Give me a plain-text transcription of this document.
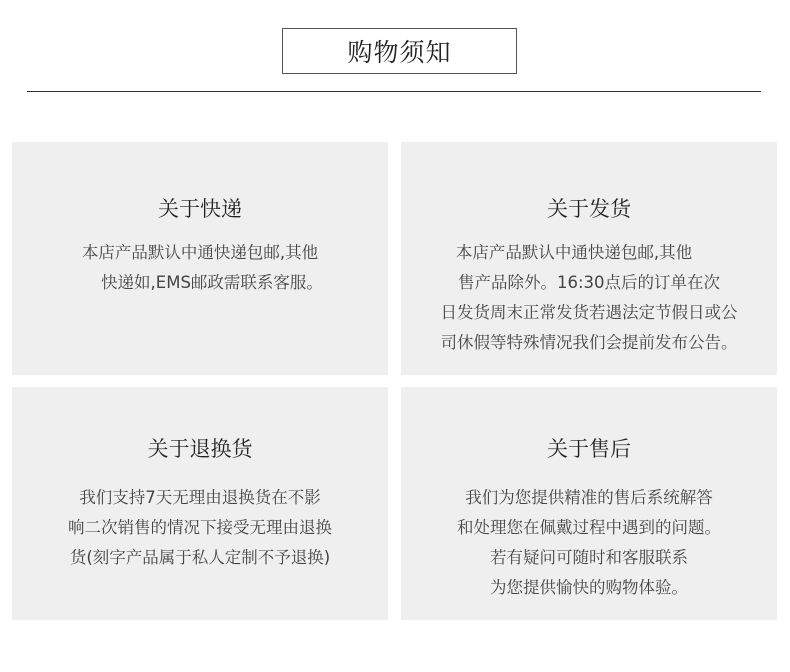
购物须知
关于快递
本店产品默认中通快递包邮,其他
快递如,EMS邮政需联系客服。
关于发货
本店产品默认中通快递包邮,其他
售产品除外。16:30点后的订单在次
日发货周末正常发货若遇法定节假日或公
司休假等特殊情况我们会提前发布公告。
关于退换货
我们支持7天无理由退换货在不影
响二次销售的情况下接受无理由退换
货(刻字产品属于私人定制不予退换)
关于售后
我们为您提供精准的售后系统解答
和处理您在佩戴过程中遇到的问题。
若有疑问可随时和客服联系
为您提供愉快的购物体验。
